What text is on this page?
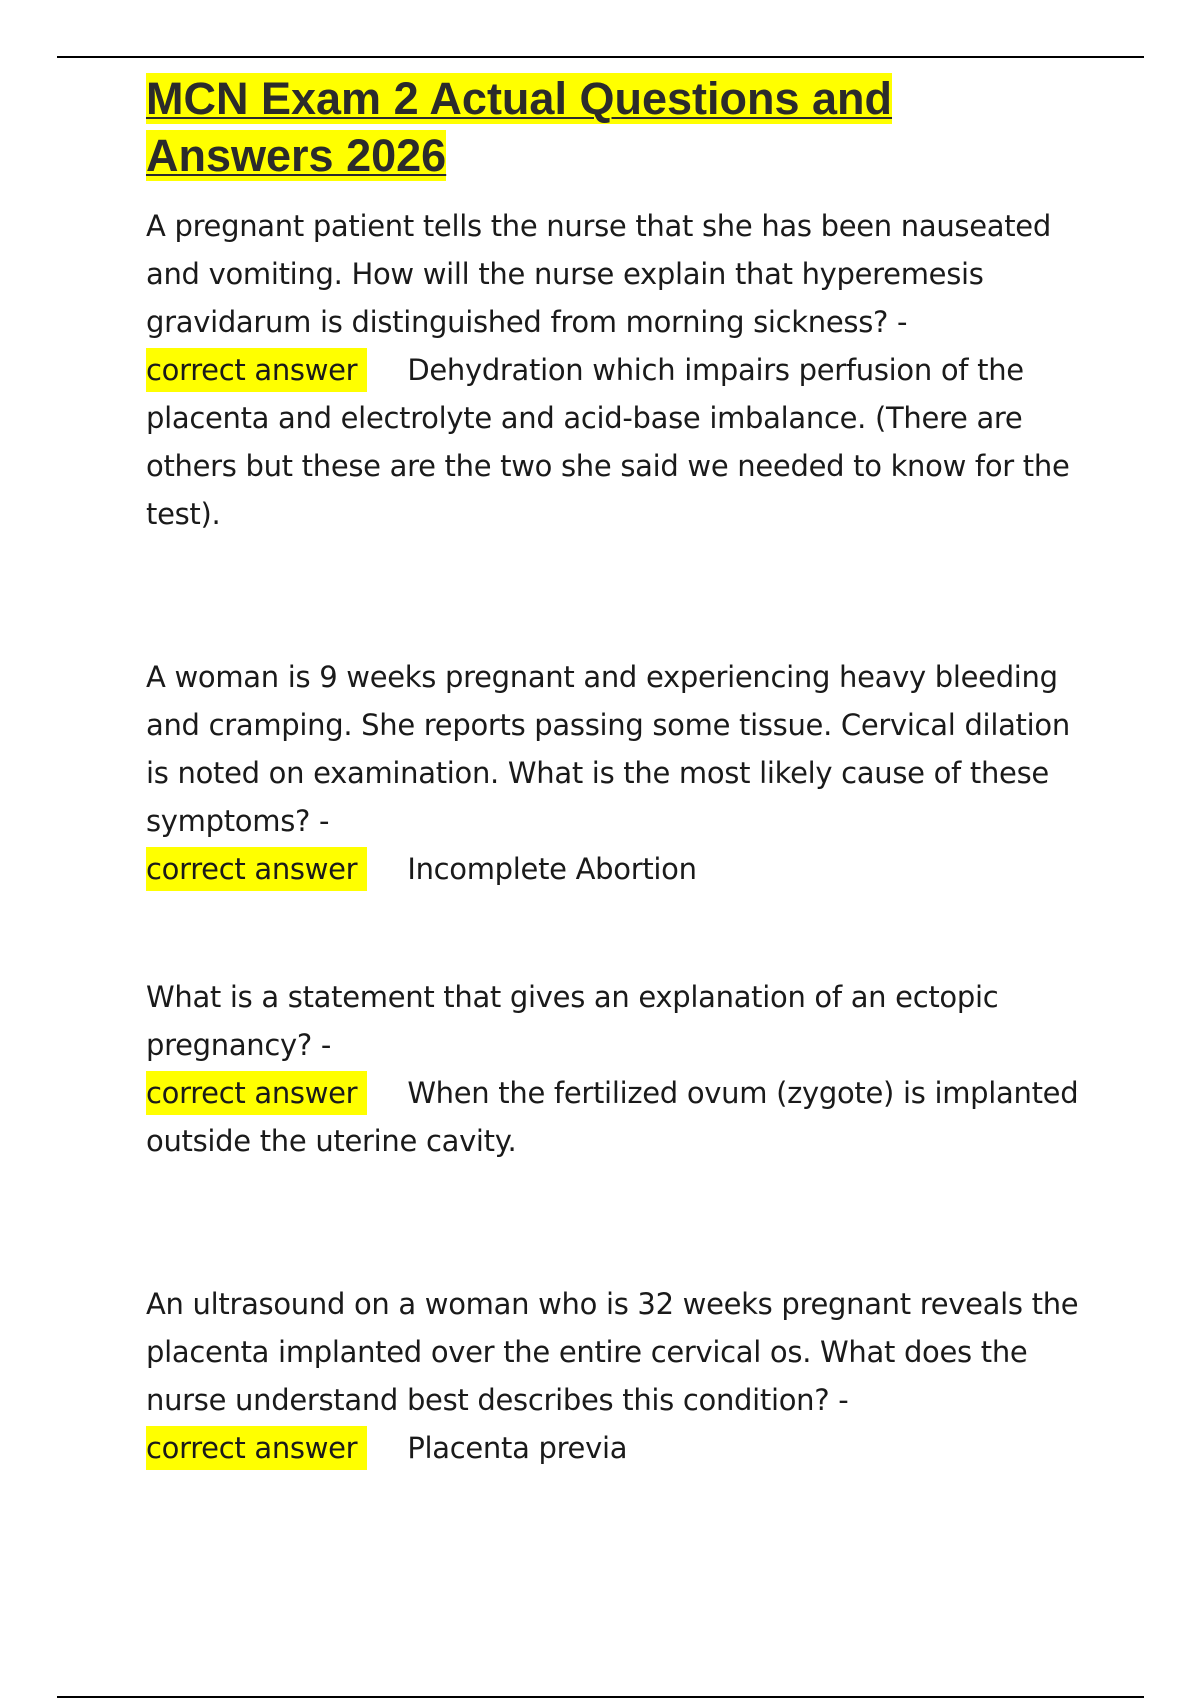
MCN Exam 2 Actual Questions and Answers 2026

A pregnant patient tells the nurse that she has been nauseated and vomiting. How will the nurse explain that hyperemesis gravidarum is distinguished from morning sickness? -

correct answer Dehydration which impairs perfusion of the placenta and electrolyte and acid-base imbalance. (There are others but these are the two she said we needed to know for the test).

A woman is 9 weeks pregnant and experiencing heavy bleeding and cramping. She reports passing some tissue. Cervical dilation is noted on examination. What is the most likely cause of these symptoms? -

correct answer Incomplete Abortion

What is a statement that gives an explanation of an ectopic pregnancy? -

correct answer When the fertilized ovum (zygote) is implanted outside the uterine cavity.

An ultrasound on a woman who is 32 weeks pregnant reveals the placenta implanted over the entire cervical os. What does the nurse understand best describes this condition? -

correct answer Placenta previa
